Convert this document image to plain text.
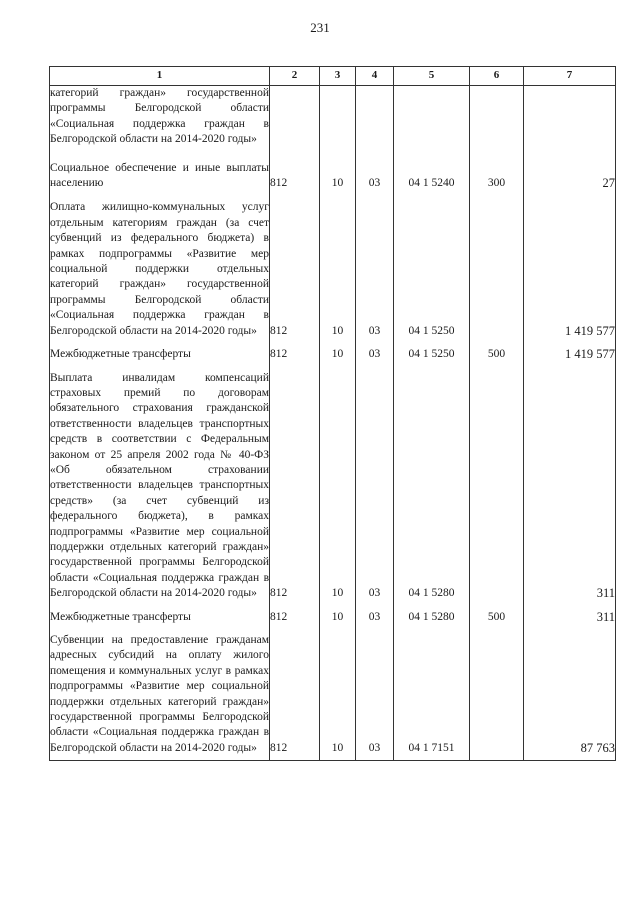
231
1	2	3	4	5	6	7

категорий граждан» государственной программы Белгородской области «Социальная поддержка граждан в Белгородской области на 2014-2020 годы»						

Социальное обеспечение и иные выплаты населению	812	10	03	04 1 5240	300	27

Оплата жилищно-коммунальных услуг отдельным категориям граждан (за счет субвенций из федерального бюджета) в рамках подпрограммы «Развитие мер социальной поддержки отдельных категорий граждан» государственной программы Белгородской области «Социальная поддержка граждан в Белгородской области на 2014-2020 годы»	812	10	03	04 1 5250		1 419 577

Межбюджетные трансферты	812	10	03	04 1 5250	500	1 419 577

Выплата инвалидам компенсаций страховых премий по договорам обязательного страхования гражданской ответственности владельцев транспортных средств в соответствии с Федеральным законом от 25 апреля 2002 года № 40-ФЗ «Об обязательном страховании ответственности владельцев транспортных средств» (за счет субвенций из федерального бюджета), в рамках подпрограммы «Развитие мер социальной поддержки отдельных категорий граждан» государственной программы Белгородской области «Социальная поддержка граждан в Белгородской области на 2014-2020 годы»	812	10	03	04 1 5280		311

Межбюджетные трансферты	812	10	03	04 1 5280	500	311

Субвенции на предоставление гражданам адресных субсидий на оплату жилого помещения и коммунальных услуг в рамках подпрограммы «Развитие мер социальной поддержки отдельных категорий граждан» государственной программы Белгородской области «Социальная поддержка граждан в Белгородской области на 2014-2020 годы»	812	10	03	04 1 7151		87 763
